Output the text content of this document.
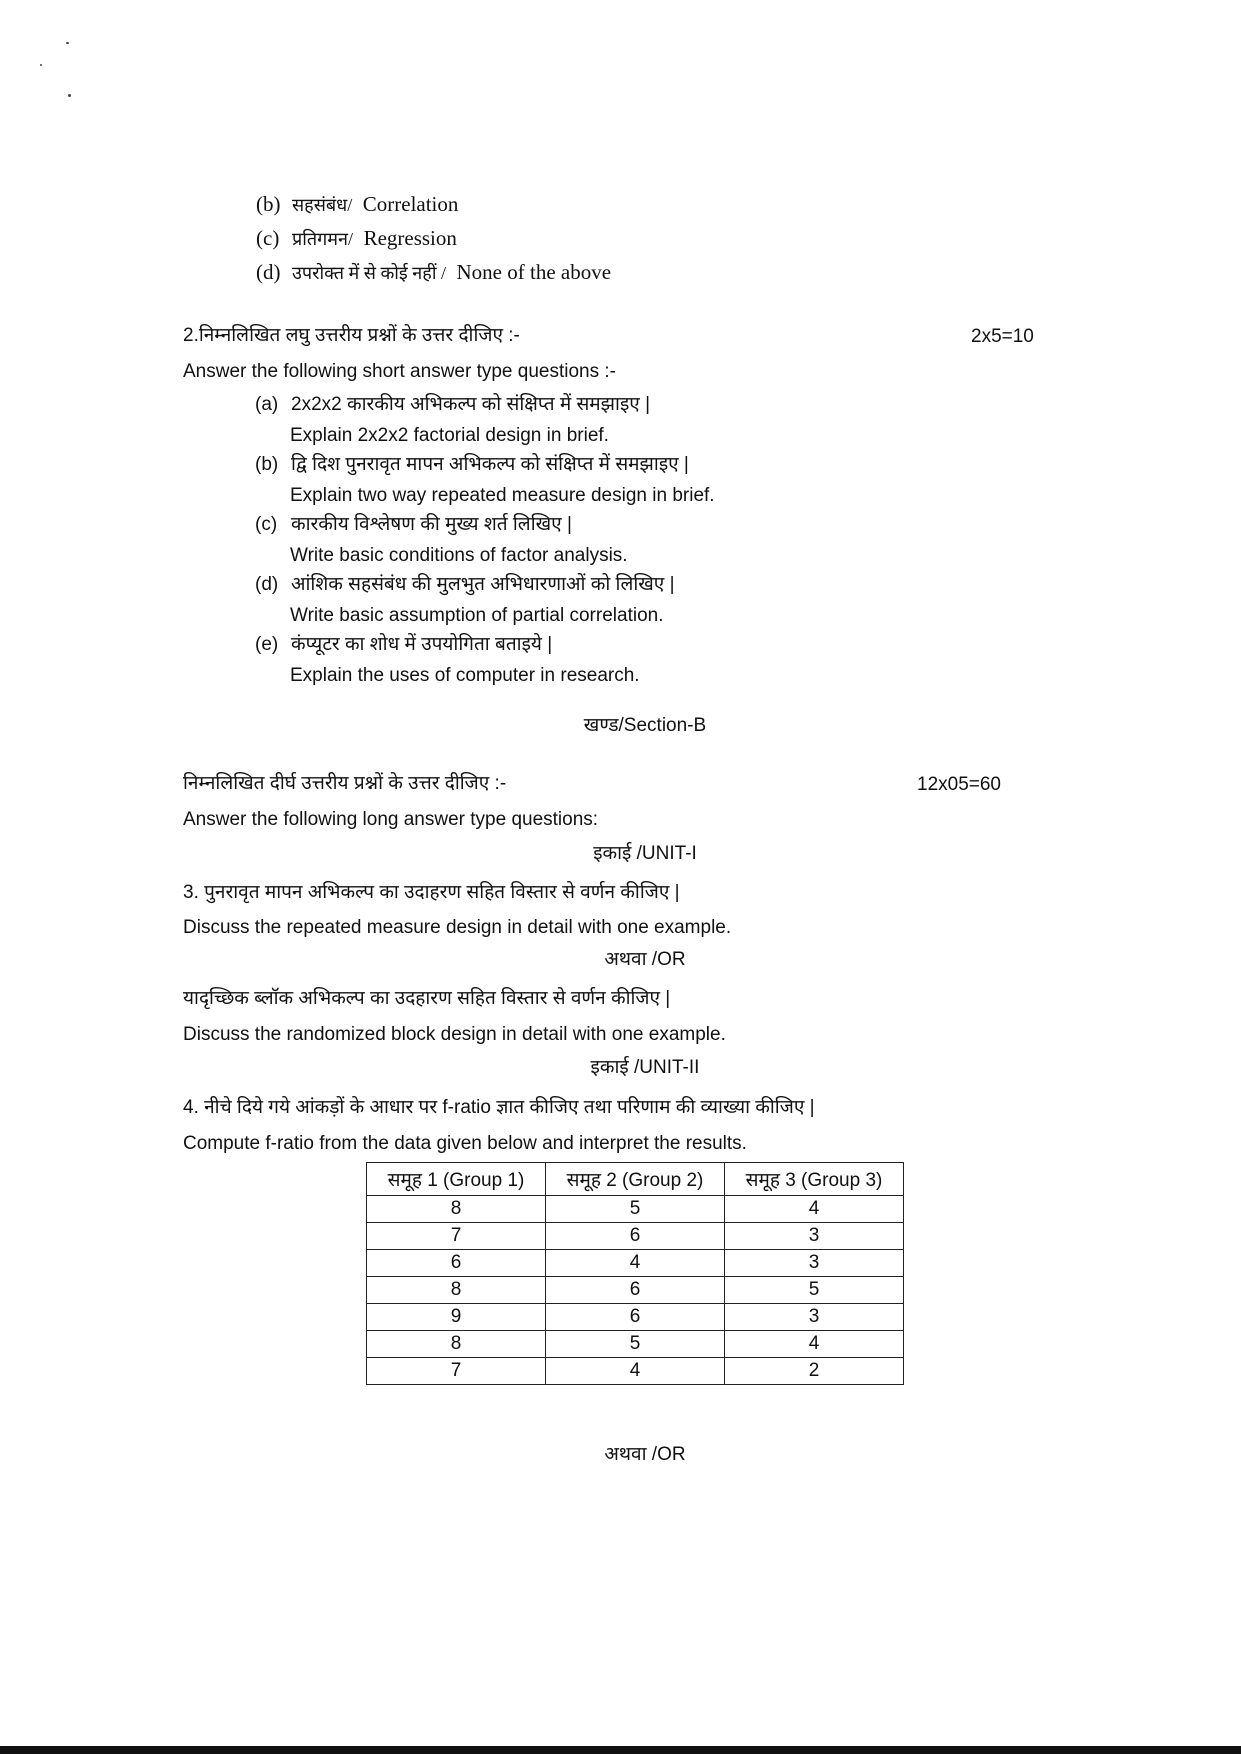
(b) सहसंबंध/ Correlation
(c) प्रतिगमन/ Regression
(d) उपरोक्त में से कोई नहीं / None of the above
2.निम्नलिखित लघु उत्तरीय प्रश्नों के उत्तर दीजिए :-	2x5=10
Answer the following short answer type questions :-
(a) 2x2x2 कारकीय अभिकल्प को संक्षिप्त में समझाइए |
Explain 2x2x2 factorial design in brief.
(b) द्वि दिश पुनरावृत मापन अभिकल्प को संक्षिप्त में समझाइए |
Explain two way repeated measure design in brief.
(c) कारकीय विश्लेषण की मुख्य शर्त लिखिए |
Write basic conditions of factor analysis.
(d) आंशिक सहसंबंध की मुलभुत अभिधारणाओं को लिखिए |
Write basic assumption of partial correlation.
(e) कंप्यूटर का शोध में उपयोगिता बताइये |
Explain the uses of computer in research.
खण्ड/Section-B
निम्नलिखित दीर्घ उत्तरीय प्रश्नों के उत्तर दीजिए :-	12x05=60
Answer the following long answer type questions:
इकाई /UNIT-I
3. पुनरावृत मापन अभिकल्प का उदाहरण सहित विस्तार से वर्णन कीजिए |
Discuss the repeated measure design in detail with one example.
अथवा /OR
यादृच्छिक ब्लॉक अभिकल्प का उदहारण सहित विस्तार से वर्णन कीजिए |
Discuss the randomized block design in detail with one example.
इकाई /UNIT-II
4. नीचे दिये गये आंकड़ों के आधार पर f-ratio ज्ञात कीजिए तथा परिणाम की व्याख्या कीजिए |
Compute f-ratio from the data given below and interpret the results.
समूह 1 (Group 1)	समूह 2 (Group 2)	समूह 3 (Group 3)
8	5	4
7	6	3
6	4	3
8	6	5
9	6	3
8	5	4
7	4	2
अथवा /OR
